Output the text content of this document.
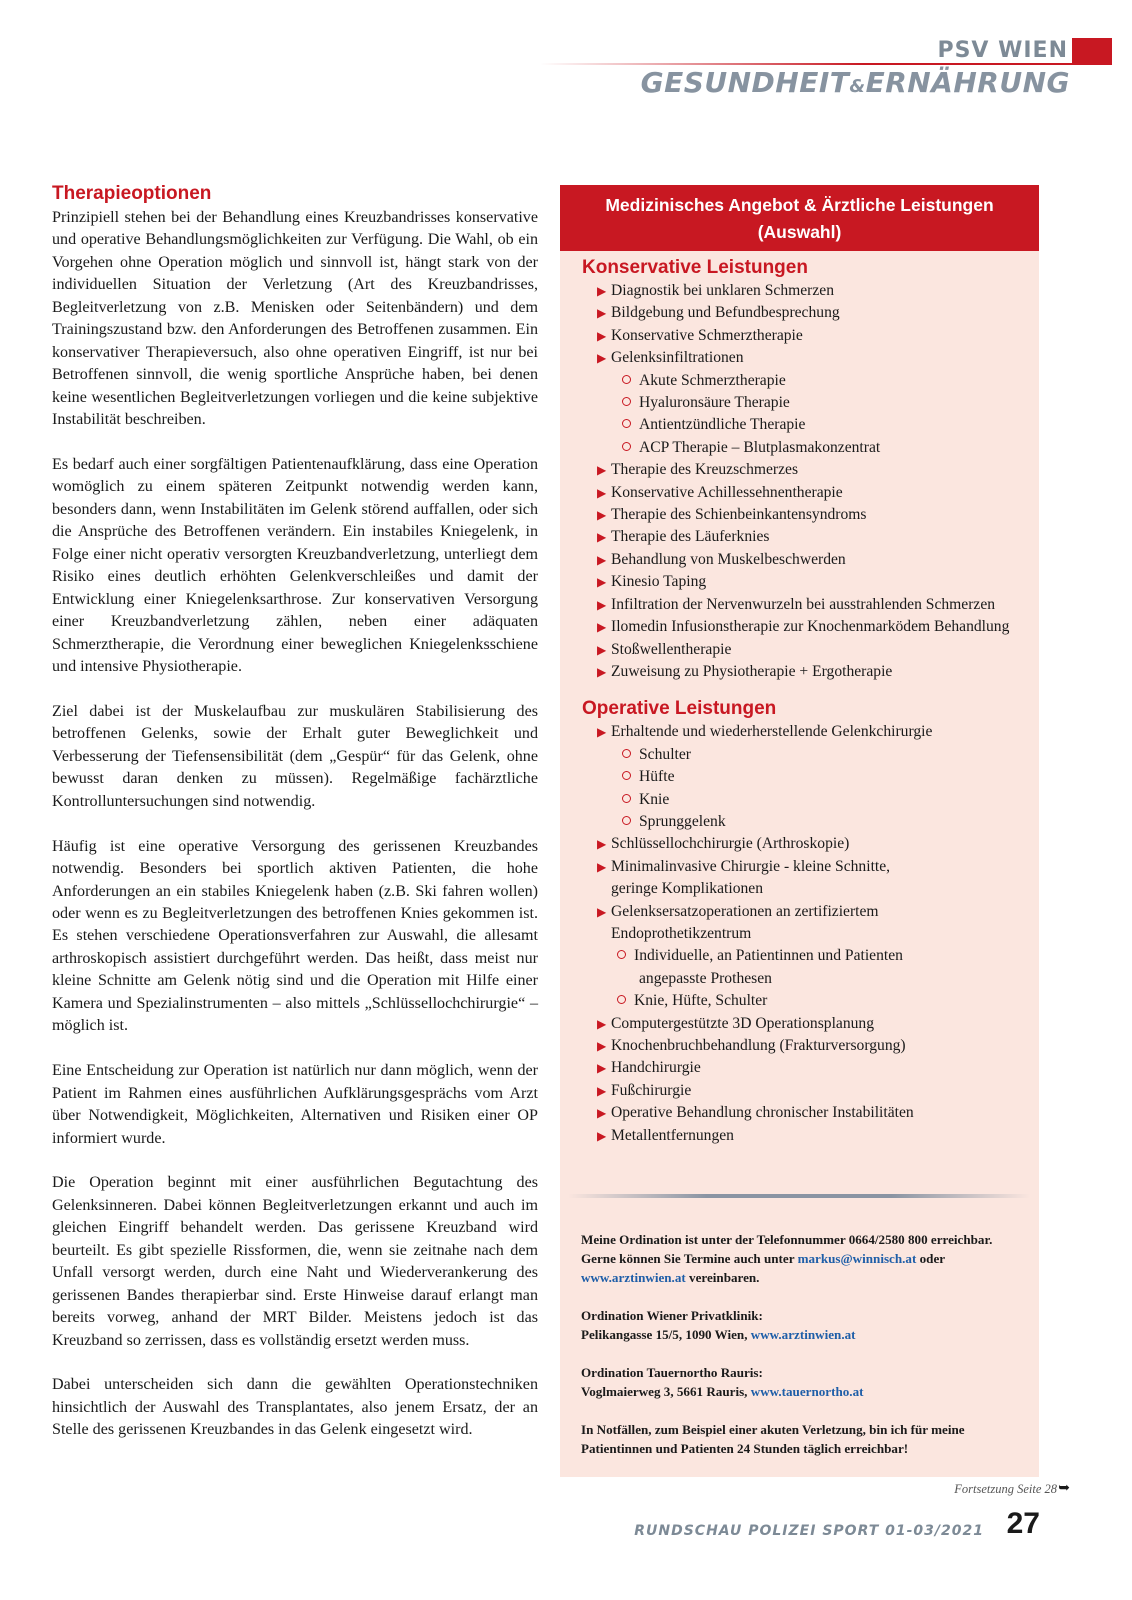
PSV WIEN
GESUNDHEIT&ERNÄHRUNG
Therapieoptionen

Prinzipiell stehen bei der Behandlung eines Kreuzbandrisses konservative und operative Behandlungsmöglichkeiten zur Verfügung. Die Wahl, ob ein Vorgehen ohne Operation möglich und sinnvoll ist, hängt stark von der individuellen Situation der Verletzung (Art des Kreuzbandrisses, Begleitverletzung von z.B. Menisken oder Seitenbändern) und dem Trainingszustand bzw. den Anforderungen des Betroffenen zusammen. Ein konservativer Therapieversuch, also ohne operativen Eingriff, ist nur bei Betroffenen sinnvoll, die wenig sportliche Ansprüche haben, bei denen keine wesentlichen Begleitverletzungen vorliegen und die keine subjektive Instabilität beschreiben.

Es bedarf auch einer sorgfältigen Patientenaufklärung, dass eine Operation womöglich zu einem späteren Zeitpunkt notwendig werden kann, besonders dann, wenn Instabilitäten im Gelenk störend auffallen, oder sich die Ansprüche des Betroffenen verändern. Ein instabiles Kniegelenk, in Folge einer nicht operativ versorgten Kreuzbandverletzung, unterliegt dem Risiko eines deutlich erhöhten Gelenkverschleißes und damit der Entwicklung einer Kniegelenksarthrose. Zur konservativen Versorgung einer Kreuzbandverletzung zählen, neben einer adäquaten Schmerztherapie, die Verordnung einer beweglichen Kniegelenksschiene und intensive Physiotherapie.

Ziel dabei ist der Muskelaufbau zur muskulären Stabilisierung des betroffenen Gelenks, sowie der Erhalt guter Beweglichkeit und Verbesserung der Tiefensensibilität (dem „Gespür“ für das Gelenk, ohne bewusst daran denken zu müssen). Regelmäßige fachärztliche Kontrolluntersuchungen sind notwendig.

Häufig ist eine operative Versorgung des gerissenen Kreuzbandes notwendig. Besonders bei sportlich aktiven Patienten, die hohe Anforderungen an ein stabiles Kniegelenk haben (z.B. Ski fahren wollen) oder wenn es zu Begleitverletzungen des betroffenen Knies gekommen ist. Es stehen verschiedene Operationsverfahren zur Auswahl, die allesamt arthroskopisch assistiert durchgeführt werden. Das heißt, dass meist nur kleine Schnitte am Gelenk nötig sind und die Operation mit Hilfe einer Kamera und Spezialinstrumenten – also mittels „Schlüssellochchirurgie“ – möglich ist.

Eine Entscheidung zur Operation ist natürlich nur dann möglich, wenn der Patient im Rahmen eines ausführlichen Aufklärungsgesprächs vom Arzt über Notwendigkeit, Möglichkeiten, Alternativen und Risiken einer OP informiert wurde.

Die Operation beginnt mit einer ausführlichen Begutachtung des Gelenksinneren. Dabei können Begleitverletzungen erkannt und auch im gleichen Eingriff behandelt werden. Das gerissene Kreuzband wird beurteilt. Es gibt spezielle Rissformen, die, wenn sie zeitnahe nach dem Unfall versorgt werden, durch eine Naht und Wiederverankerung des gerissenen Bandes therapierbar sind. Erste Hinweise darauf erlangt man bereits vorweg, anhand der MRT Bilder. Meistens jedoch ist das Kreuzband so zerrissen, dass es vollständig ersetzt werden muss.

Dabei unterscheiden sich dann die gewählten Operationstechniken hinsichtlich der Auswahl des Transplantates, also jenem Ersatz, der an Stelle des gerissenen Kreuzbandes in das Gelenk eingesetzt wird.

Medizinisches Angebot & Ärztliche Leistungen
(Auswahl)
Konservative Leistungen
▶ Diagnostik bei unklaren Schmerzen
▶ Bildgebung und Befundbesprechung
▶ Konservative Schmerztherapie
▶ Gelenksinfiltrationen
Akute Schmerztherapie
Hyaluronsäure Therapie
Antientzündliche Therapie
ACP Therapie – Blutplasmakonzentrat
▶ Therapie des Kreuzschmerzes
▶ Konservative Achillessehnentherapie
▶ Therapie des Schienbeinkantensyndroms
▶ Therapie des Läuferknies
▶ Behandlung von Muskelbeschwerden
▶ Kinesio Taping
▶ Infiltration der Nervenwurzeln bei ausstrahlenden Schmerzen
▶ Ilomedin Infusionstherapie zur Knochenmarködem Behandlung
▶ Stoßwellentherapie
▶ Zuweisung zu Physiotherapie + Ergotherapie
Operative Leistungen
▶ Erhaltende und wiederherstellende Gelenkchirurgie
Schulter
Hüfte
Knie
Sprunggelenk
▶ Schlüssellochchirurgie (Arthroskopie)
▶ Minimalinvasive Chirurgie - kleine Schnitte,
geringe Komplikationen
▶ Gelenksersatzoperationen an zertifiziertem
Endoprothetikzentrum
Individuelle, an Patientinnen und Patienten
angepasste Prothesen
Knie, Hüfte, Schulter
▶ Computergestützte 3D Operationsplanung
▶ Knochenbruchbehandlung (Frakturversorgung)
▶ Handchirurgie
▶ Fußchirurgie
▶ Operative Behandlung chronischer Instabilitäten
▶ Metallentfernungen

Meine Ordination ist unter der Telefonnummer 0664/2580 800 erreichbar.
Gerne können Sie Termine auch unter markus@winnisch.at oder
www.arztinwien.at vereinbaren.

Ordination Wiener Privatklinik:
Pelikangasse 15/5, 1090 Wien, www.arztinwien.at

Ordination Tauernortho Rauris:
Voglmaierweg 3, 5661 Rauris, www.tauernortho.at

In Notfällen, zum Beispiel einer akuten Verletzung, bin ich für meine Patientinnen und Patienten 24 Stunden täglich erreichbar!

Fortsetzung Seite 28 ➥
RUNDSCHAU POLIZEI SPORT 01-03/2021 27
